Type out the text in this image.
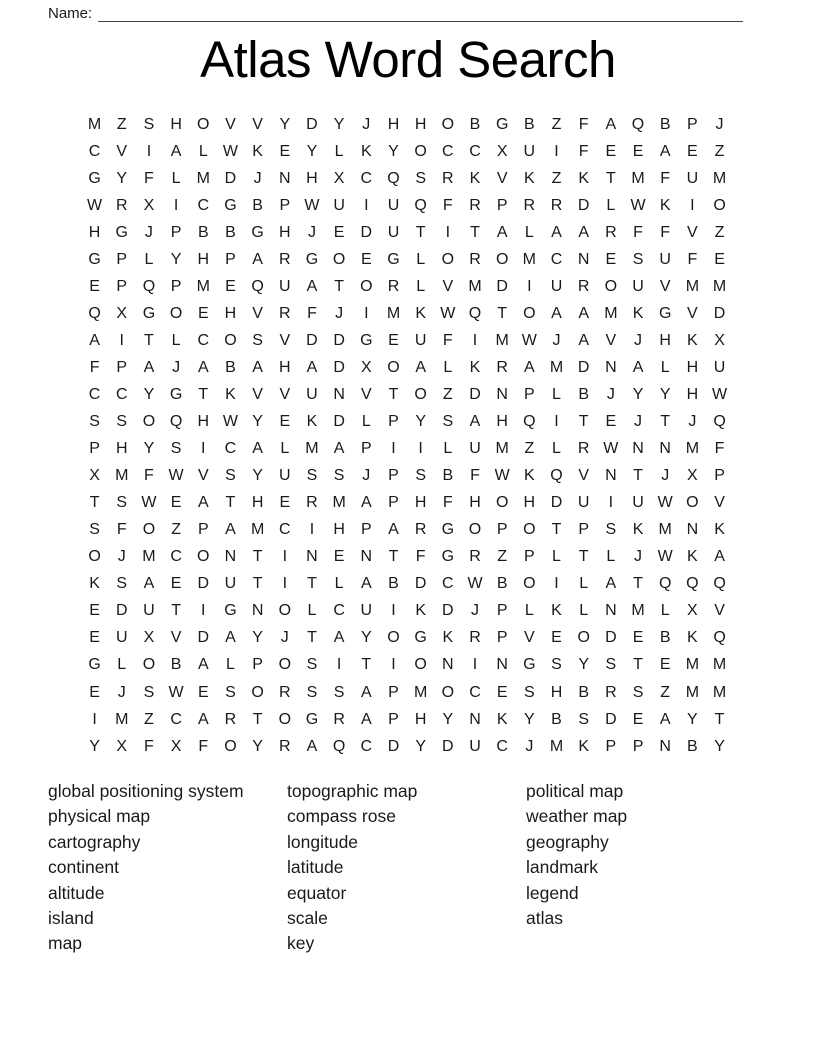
Name:
Atlas Word Search
M Z	S	H O V	V	Y	D	Y	J	H H O B G B	Z	F	A Q B	P	J
C	V	I	A	L W K	E	Y	L	K	Y O C C	X	U	I	F	E	E	A	E	Z
G Y	F	L	M D	J	N H	X	C Q S	R	K	V	K	Z	K	T M F	U M
W R	X	I	C G B	P W U	I	U Q	F	R	P	R R D	L W K	I	O
H G	J	P	B	B G H	J	E	D U	T	I	T	A	L	A	A	R	F	F	V	Z
G P	L	Y	H	P	A	R G O E G	L	O R O M C N	E	S	U	F	E
E	P Q P M E Q U	A	T	O R	L	V M D	I	U R O U	V M M
Q X G O E	H	V	R	F	J	I	M K W Q	T	O A	A M K G V	D
A	I	T	L	C O S	V	D D G E	U	F	I	M W J	A	V	J	H	K	X
F	P	A	J	A	B	A	H	A	D	X O A	L	K	R	A M D N	A	L	H U
C C	Y G	T	K	V	V	U N	V	T	O	Z	D N	P	L	B	J	Y	Y	H W
S	S O Q H W Y	E	K	D	L	P	Y	S	A	H Q	I	T	E	J	T	J	Q
P	H	Y	S	I	C	A	L	M A	P	I	I	L	U M Z	L	R W N N M F
X M F W V	S	Y	U	S	S	J	P	S	B	F W K Q V	N	T	J	X	P
T	S W E	A	T	H	E	R M A	P	H	F	H O H D U	I	U W O V
S	F	O	Z	P	A M C	I	H	P	A	R G O P O	T	P	S	K M N	K
O	J	M C O N	T	I	N	E	N	T	F	G R	Z	P	L	T	L	J W K	A
K	S	A	E	D U	T	I	T	L	A	B	D C W B O	I	L	A	T	Q Q Q
E	D U	T	I	G N O	L	C U	I	K	D	J	P	L	K	L	N M	L	X	V
E	U	X	V	D	A	Y	J	T	A	Y O G K	R	P	V	E O D	E	B	K Q
G	L	O B	A	L	P O S	I	T	I	O N	I	N G S	Y	S	T	E M M
E	J	S W E	S O R	S	S	A	P M O C	E	S	H	B	R	S	Z M M
I	M Z	C	A	R	T	O G R	A	P	H	Y	N	K	Y	B	S	D	E	A	Y	T
Y	X	F	X	F	O Y	R	A Q C D	Y	D U C	J	M K	P	P	N	B	Y
global positioning system
physical map
cartography
continent
altitude
island
map
topographic map
compass rose
longitude
latitude
equator
scale
key
political map
weather map
geography
landmark
legend
atlas
